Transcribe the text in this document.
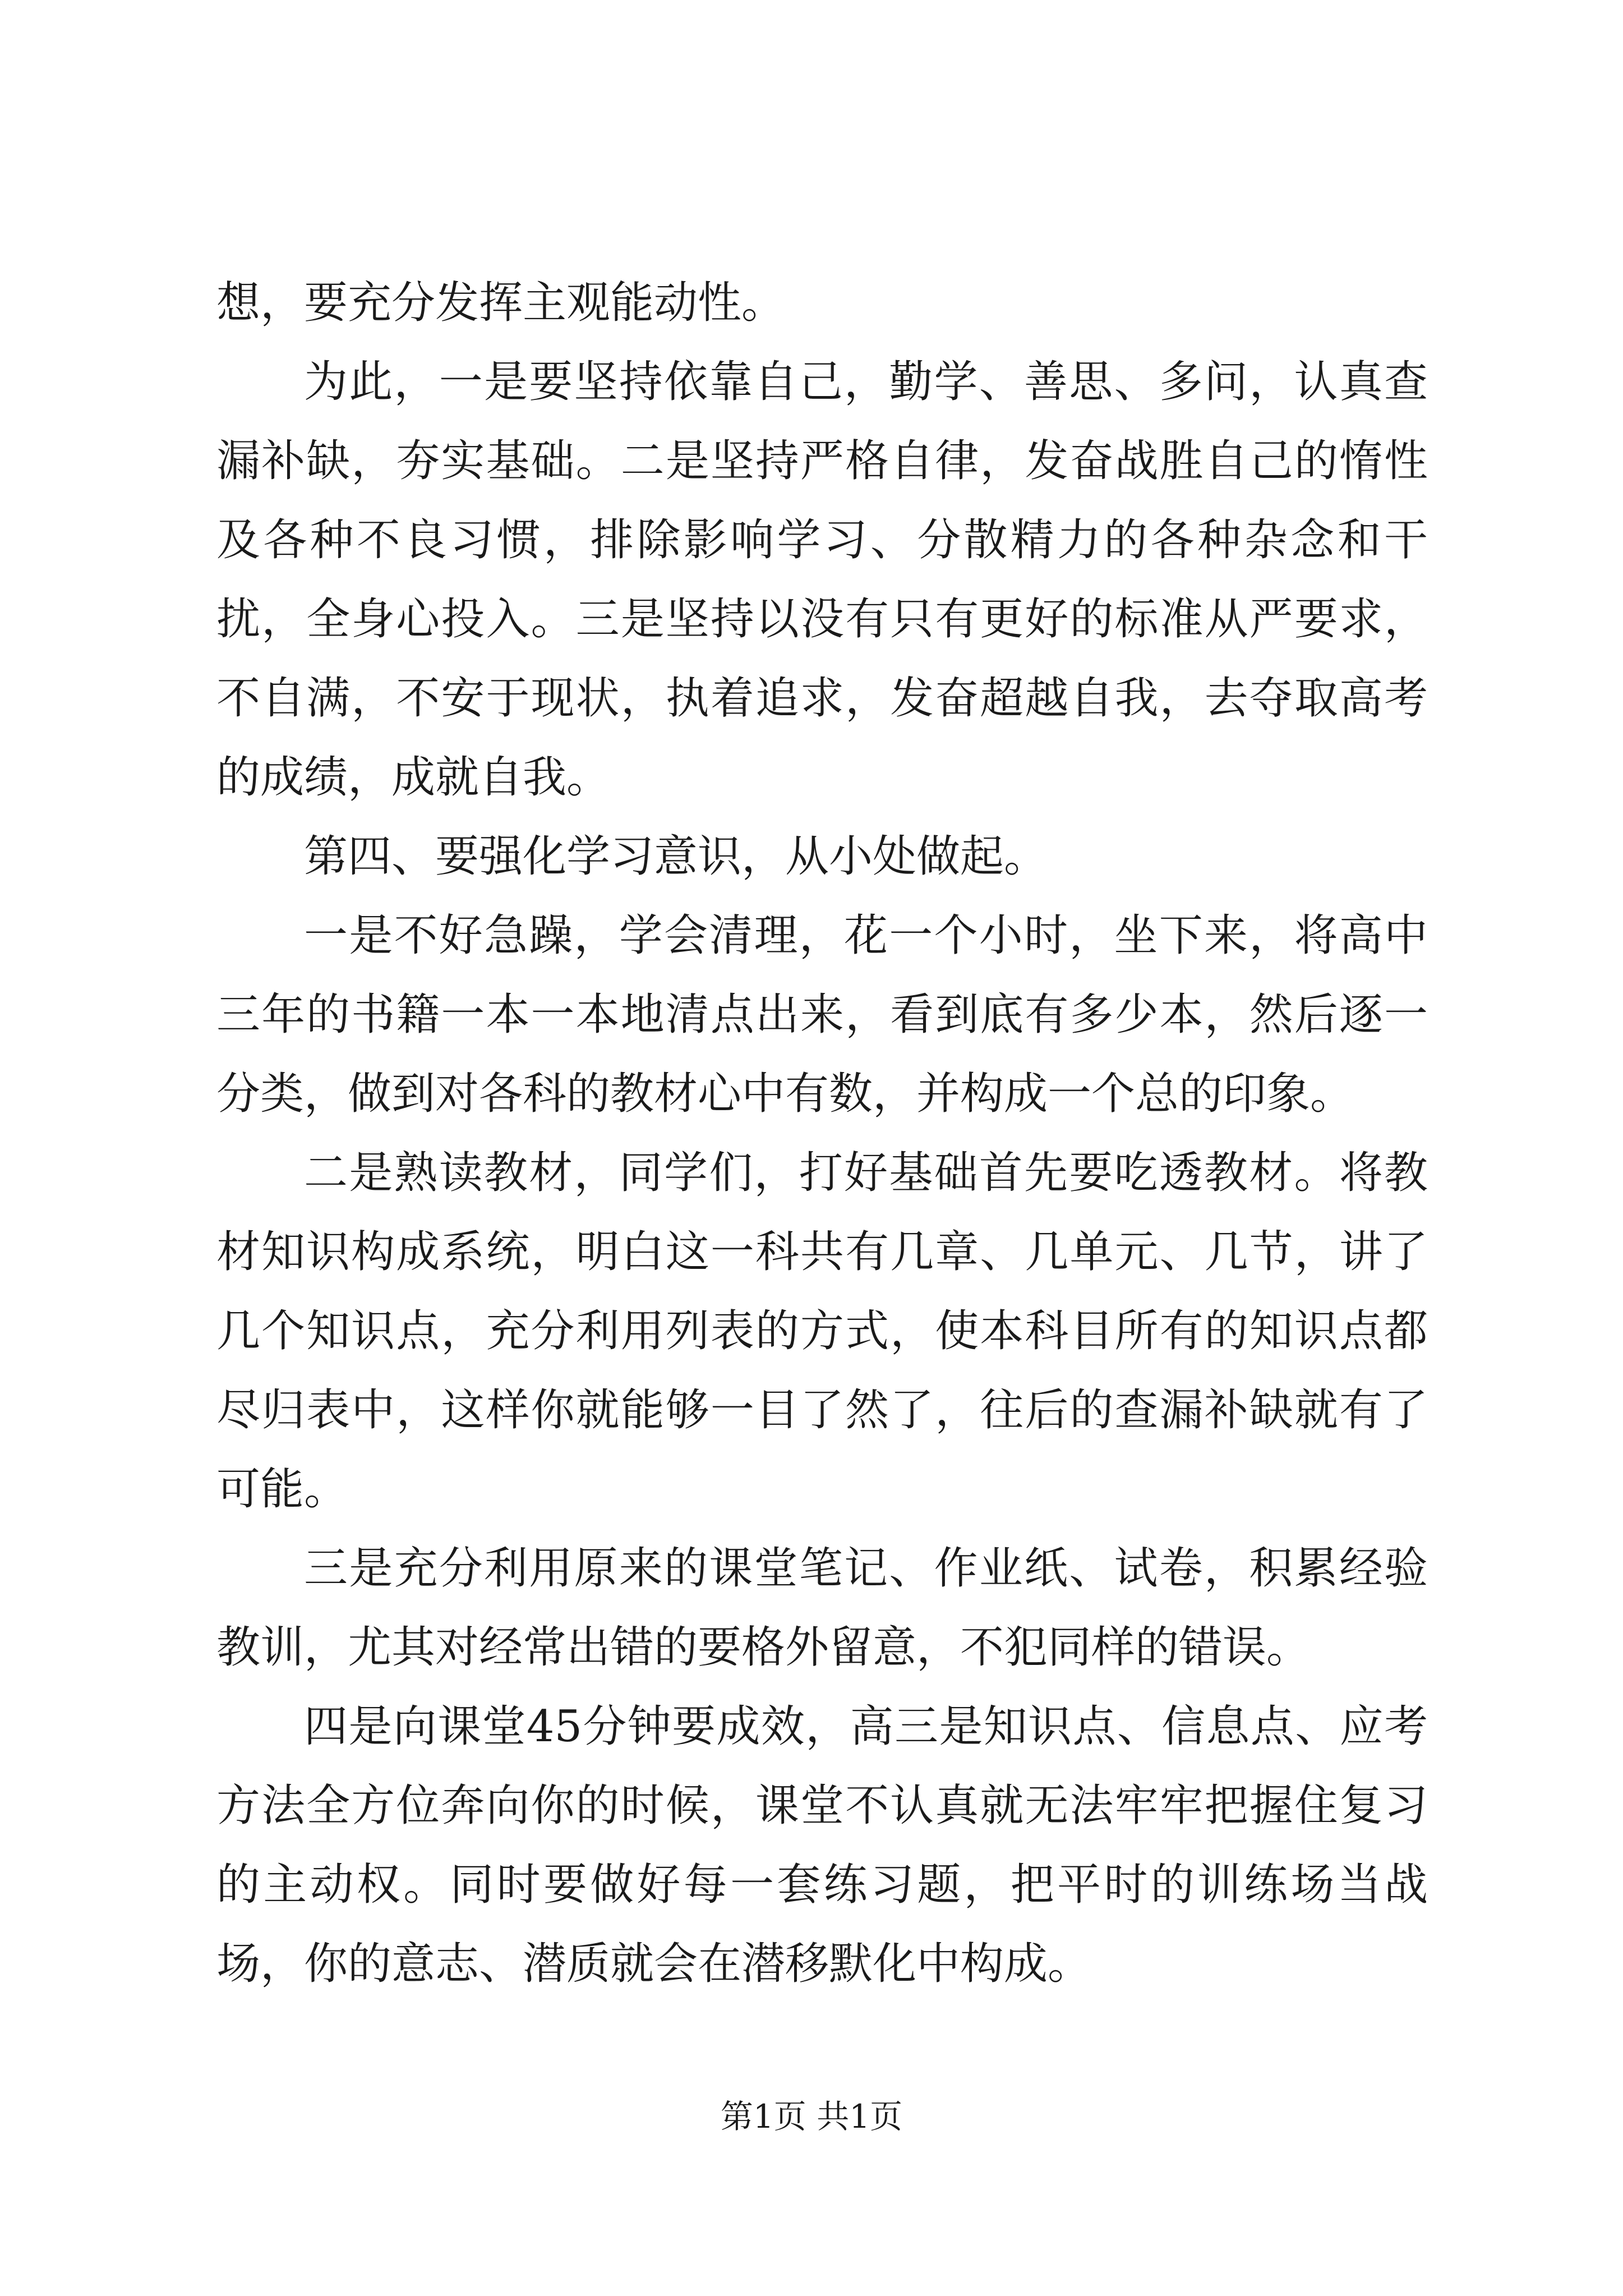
想，要充分发挥主观能动性。

为此，一是要坚持依靠自己，勤学、善思、多问，认真查漏补缺，夯实基础。二是坚持严格自律，发奋战胜自己的惰性及各种不良习惯，排除影响学习、分散精力的各种杂念和干扰，全身心投入。三是坚持以没有只有更好的标准从严要求，不自满，不安于现状，执着追求，发奋超越自我，去夺取高考的成绩，成就自我。

第四、要强化学习意识，从小处做起。

一是不好急躁，学会清理，花一个小时，坐下来，将高中三年的书籍一本一本地清点出来，看到底有多少本，然后逐一分类，做到对各科的教材心中有数，并构成一个总的印象。

二是熟读教材，同学们，打好基础首先要吃透教材。将教材知识构成系统，明白这一科共有几章、几单元、几节，讲了几个知识点，充分利用列表的方式，使本科目所有的知识点都尽归表中，这样你就能够一目了然了，往后的查漏补缺就有了可能。

三是充分利用原来的课堂笔记、作业纸、试卷，积累经验教训，尤其对经常出错的要格外留意，不犯同样的错误。

四是向课堂45分钟要成效，高三是知识点、信息点、应考方法全方位奔向你的时候，课堂不认真就无法牢牢把握住复习的主动权。同时要做好每一套练习题，把平时的训练场当战场，你的意志、潜质就会在潜移默化中构成。

第1页 共1页
